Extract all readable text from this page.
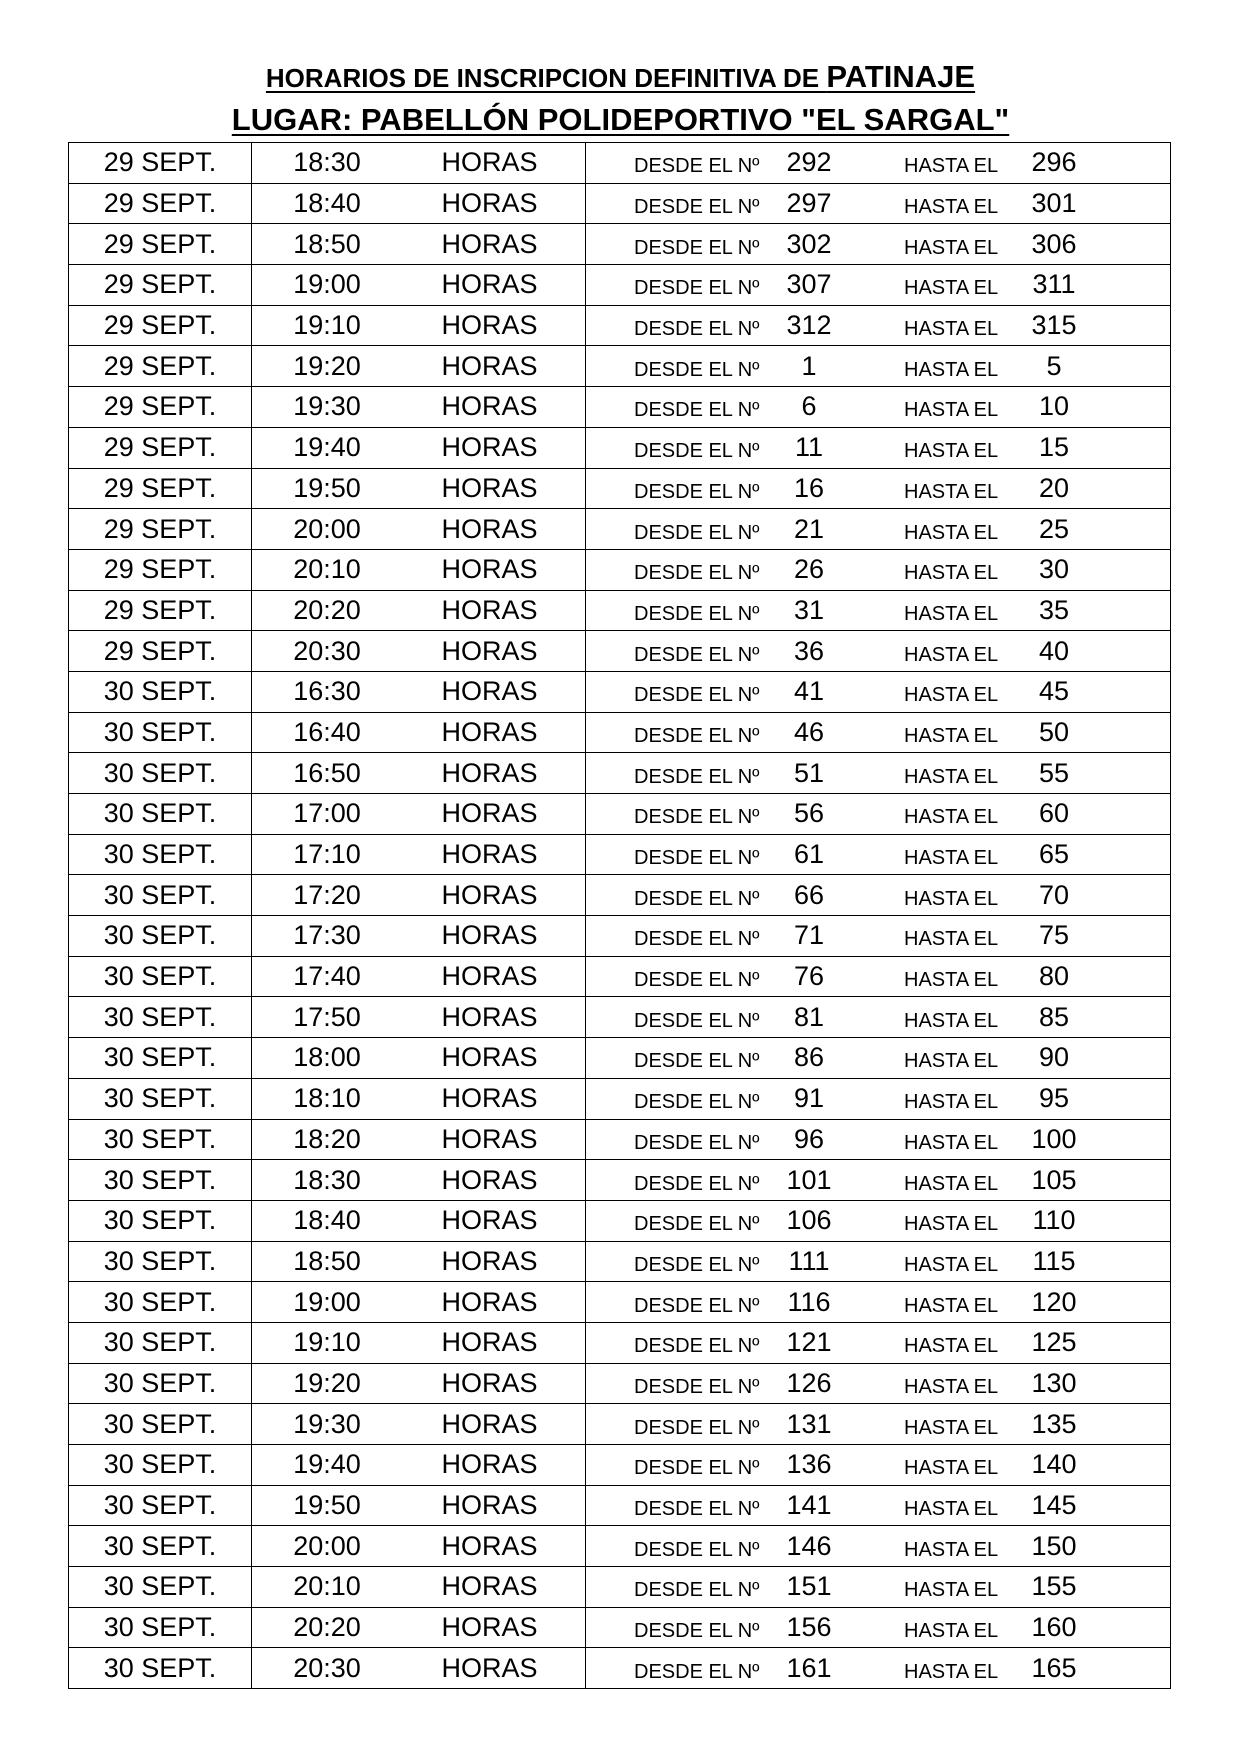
HORARIOS DE INSCRIPCION DEFINITIVA DE PATINAJE
LUGAR: PABELLÓN POLIDEPORTIVO "EL SARGAL"
29 SEPT.	18:30 HORAS	DESDE EL Nº 292 HASTA EL 296

29 SEPT.	18:40 HORAS	DESDE EL Nº 297 HASTA EL 301

29 SEPT.	18:50 HORAS	DESDE EL Nº 302 HASTA EL 306

29 SEPT.	19:00 HORAS	DESDE EL Nº 307 HASTA EL 311

29 SEPT.	19:10 HORAS	DESDE EL Nº 312 HASTA EL 315

29 SEPT.	19:20 HORAS	DESDE EL Nº 1 HASTA EL 5

29 SEPT.	19:30 HORAS	DESDE EL Nº 6 HASTA EL 10

29 SEPT.	19:40 HORAS	DESDE EL Nº 11 HASTA EL 15

29 SEPT.	19:50 HORAS	DESDE EL Nº 16 HASTA EL 20

29 SEPT.	20:00 HORAS	DESDE EL Nº 21 HASTA EL 25

29 SEPT.	20:10 HORAS	DESDE EL Nº 26 HASTA EL 30

29 SEPT.	20:20 HORAS	DESDE EL Nº 31 HASTA EL 35

29 SEPT.	20:30 HORAS	DESDE EL Nº 36 HASTA EL 40

30 SEPT.	16:30 HORAS	DESDE EL Nº 41 HASTA EL 45

30 SEPT.	16:40 HORAS	DESDE EL Nº 46 HASTA EL 50

30 SEPT.	16:50 HORAS	DESDE EL Nº 51 HASTA EL 55

30 SEPT.	17:00 HORAS	DESDE EL Nº 56 HASTA EL 60

30 SEPT.	17:10 HORAS	DESDE EL Nº 61 HASTA EL 65

30 SEPT.	17:20 HORAS	DESDE EL Nº 66 HASTA EL 70

30 SEPT.	17:30 HORAS	DESDE EL Nº 71 HASTA EL 75

30 SEPT.	17:40 HORAS	DESDE EL Nº 76 HASTA EL 80

30 SEPT.	17:50 HORAS	DESDE EL Nº 81 HASTA EL 85

30 SEPT.	18:00 HORAS	DESDE EL Nº 86 HASTA EL 90

30 SEPT.	18:10 HORAS	DESDE EL Nº 91 HASTA EL 95

30 SEPT.	18:20 HORAS	DESDE EL Nº 96 HASTA EL 100

30 SEPT.	18:30 HORAS	DESDE EL Nº 101 HASTA EL 105

30 SEPT.	18:40 HORAS	DESDE EL Nº 106 HASTA EL 110

30 SEPT.	18:50 HORAS	DESDE EL Nº 111 HASTA EL 115

30 SEPT.	19:00 HORAS	DESDE EL Nº 116 HASTA EL 120

30 SEPT.	19:10 HORAS	DESDE EL Nº 121 HASTA EL 125

30 SEPT.	19:20 HORAS	DESDE EL Nº 126 HASTA EL 130

30 SEPT.	19:30 HORAS	DESDE EL Nº 131 HASTA EL 135

30 SEPT.	19:40 HORAS	DESDE EL Nº 136 HASTA EL 140

30 SEPT.	19:50 HORAS	DESDE EL Nº 141 HASTA EL 145

30 SEPT.	20:00 HORAS	DESDE EL Nº 146 HASTA EL 150

30 SEPT.	20:10 HORAS	DESDE EL Nº 151 HASTA EL 155

30 SEPT.	20:20 HORAS	DESDE EL Nº 156 HASTA EL 160

30 SEPT.	20:30 HORAS	DESDE EL Nº 161 HASTA EL 165
